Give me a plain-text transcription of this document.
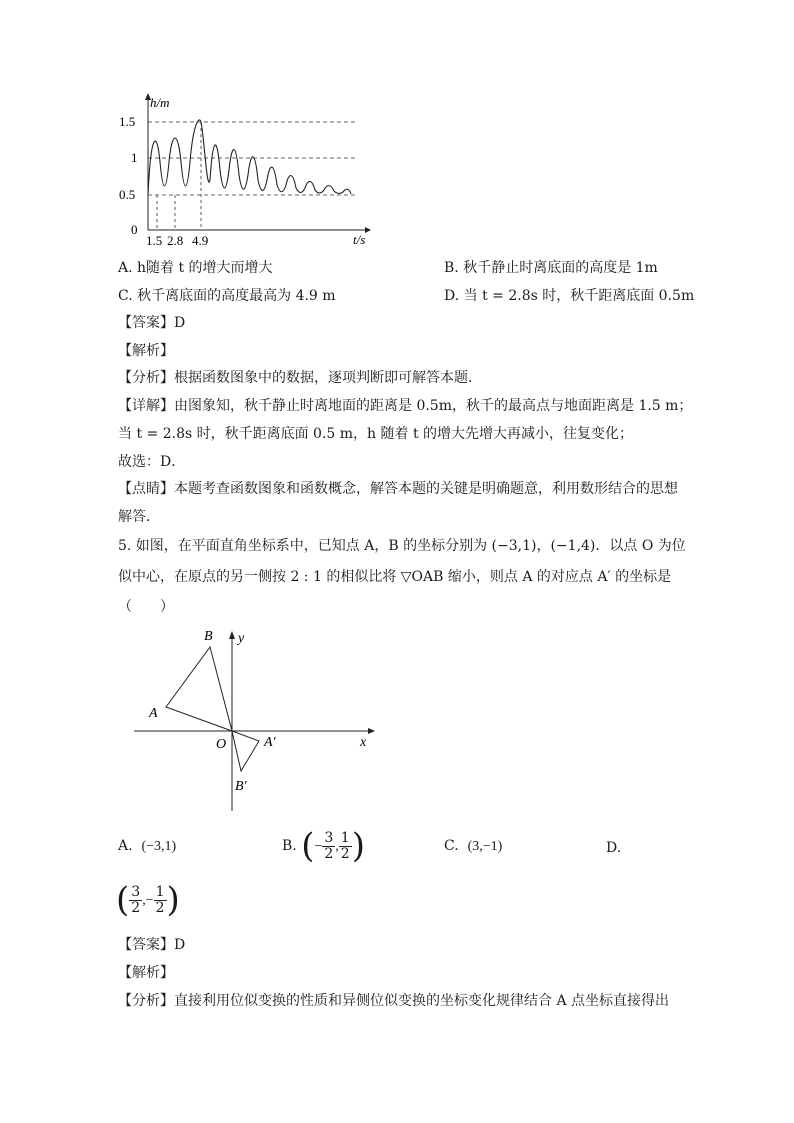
h/m
t/s
1.5
1
0.5
0
1.5 2.8 4.9
A. h随着 t 的增大而增大	B. 秋千静止时离底面的高度是 1m
C. 秋千离底面的高度最高为 4.9 m	D. 当 t = 2.8s 时，秋千距离底面 0.5m
【答案】D
【解析】
【分析】根据函数图象中的数据，逐项判断即可解答本题．
【详解】由图象知，秋千静止时离地面的距离是 0.5m，秋千的最高点与地面距离是 1.5 m；
当 t = 2.8s 时，秋千距离底面 0.5 m，h 随着 t 的增大先增大再减小，往复变化；
故选：D．
【点睛】本题考查函数图象和函数概念，解答本题的关键是明确题意，利用数形结合的思想
解答．
5. 如图，在平面直角坐标系中，已知点 A，B 的坐标分别为 (−3,1)，(−1,4)．以点 O 为位
似中心，在原点的另一侧按 2 : 1 的相似比将 ▽OAB 缩小，则点 A 的对应点 A′ 的坐标是
（　　）
B
A
O	A′
B′
x
y
A. (−3,1)	B. (− $\frac{3}{2}$ , $\frac{1}{2}$ )	C. (3,−1)	D.
( $\frac{3}{2}$ ,− $\frac{1}{2}$ )
【答案】D
【解析】
【分析】直接利用位似变换的性质和异侧位似变换的坐标变化规律结合 A 点坐标直接得出
